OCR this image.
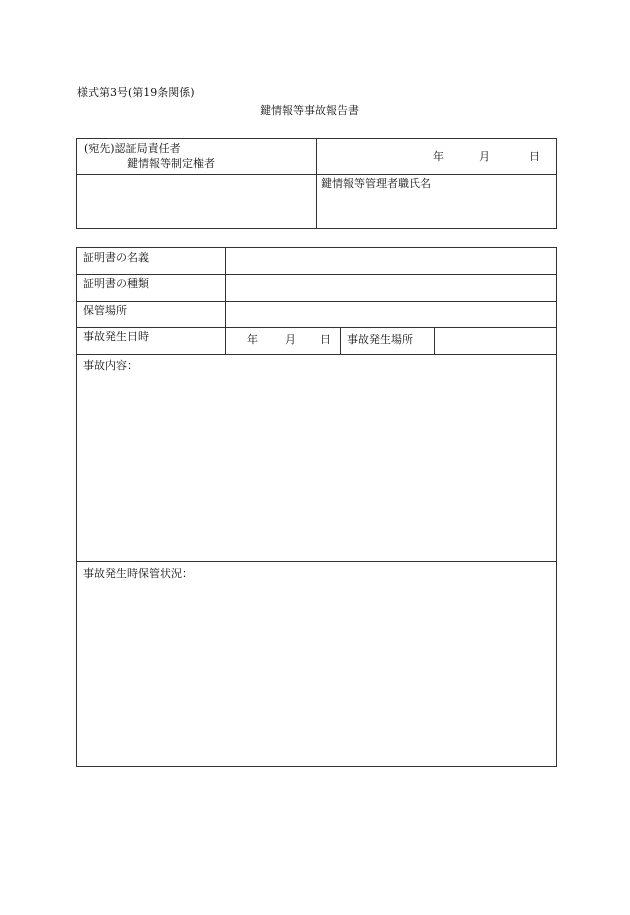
様式第3号(第19条関係)
鍵情報等事故報告書
(宛先)認証局責任者
鍵情報等制定権者
年	月	日
鍵情報等管理者職氏名
証明書の名義
証明書の種類
保管場所
事故発生日時	年 月 日 事故発生場所
事故内容：
事故発生時保管状況：
